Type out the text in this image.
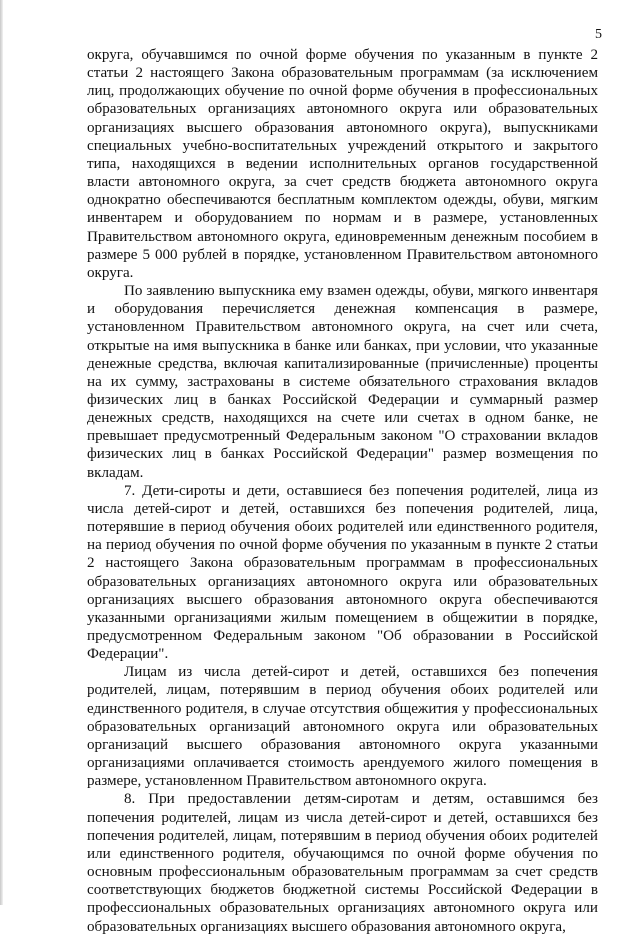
5

округа, обучавшимся по очной форме обучения по указанным в пункте 2 статьи 2 настоящего Закона образовательным программам (за исключением лиц, продолжающих обучение по очной форме обучения в профессиональных образовательных организациях автономного округа или образовательных организациях высшего образования автономного округа), выпускниками специальных учебно-воспитательных учреждений открытого и закрытого типа, находящихся в ведении исполнительных органов государственной власти автономного округа, за счет средств бюджета автономного округа однократно обеспечиваются бесплатным комплектом одежды, обуви, мягким инвентарем и оборудованием по нормам и в размере, установленных Правительством автономного округа, единовременным денежным пособием в размере 5 000 рублей в порядке, установленном Правительством автономного округа.

По заявлению выпускника ему взамен одежды, обуви, мягкого инвентаря и оборудования перечисляется денежная компенсация в размере, установленном Правительством автономного округа, на счет или счета, открытые на имя выпускника в банке или банках, при условии, что указанные денежные средства, включая капитализированные (причисленные) проценты на их сумму, застрахованы в системе обязательного страхования вкладов физических лиц в банках Российской Федерации и суммарный размер денежных средств, находящихся на счете или счетах в одном банке, не превышает предусмотренный Федеральным законом "О страховании вкладов физических лиц в банках Российской Федерации" размер возмещения по вкладам.

7. Дети-сироты и дети, оставшиеся без попечения родителей, лица из числа детей-сирот и детей, оставшихся без попечения родителей, лица, потерявшие в период обучения обоих родителей или единственного родителя, на период обучения по очной форме обучения по указанным в пункте 2 статьи 2 настоящего Закона образовательным программам в профессиональных образовательных организациях автономного округа или образовательных организациях высшего образования автономного округа обеспечиваются указанными организациями жилым помещением в общежитии в порядке, предусмотренном Федеральным законом "Об образовании в Российской Федерации".

Лицам из числа детей-сирот и детей, оставшихся без попечения родителей, лицам, потерявшим в период обучения обоих родителей или единственного родителя, в случае отсутствия общежития у профессиональных образовательных организаций автономного округа или образовательных организаций высшего образования автономного округа указанными организациями оплачивается стоимость арендуемого жилого помещения в размере, установленном Правительством автономного округа.

8. При предоставлении детям-сиротам и детям, оставшимся без попечения родителей, лицам из числа детей-сирот и детей, оставшихся без попечения родителей, лицам, потерявшим в период обучения обоих родителей или единственного родителя, обучающимся по очной форме обучения по основным профессиональным образовательным программам за счет средств соответствующих бюджетов бюджетной системы Российской Федерации в профессиональных образовательных организациях автономного округа или образовательных организациях высшего образования автономного округа,
